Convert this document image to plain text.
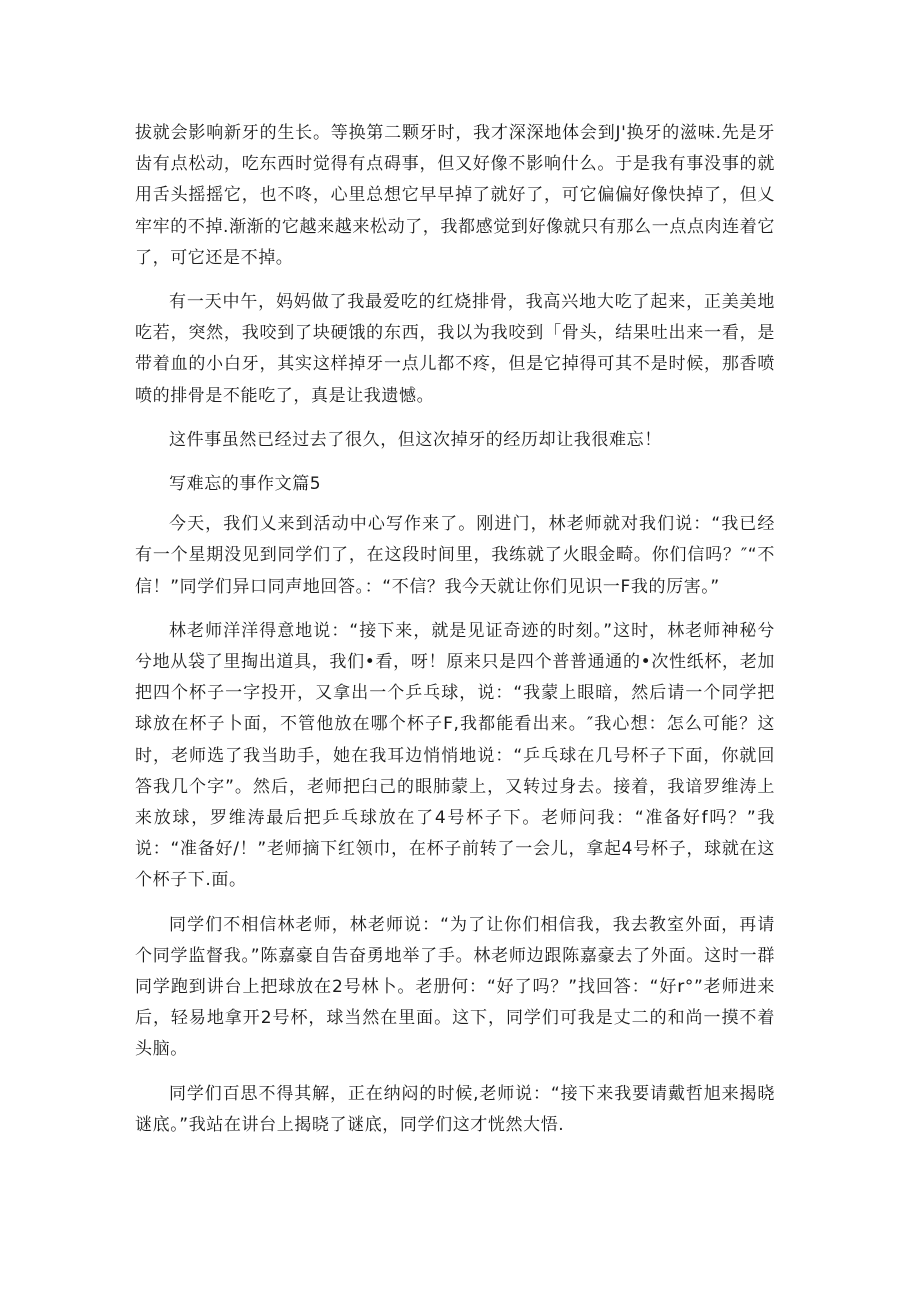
拔就会影响新牙的生长。等换第二颗牙时，我才深深地体会到J'换牙的滋味.先是牙齿有点松动，吃东西时觉得有点碍事，但又好像不影响什么。于是我有事没事的就用舌头摇摇它，也不咚，心里总想它早早掉了就好了，可它偏偏好像快掉了，但乂牢牢的不掉.渐渐的它越来越来松动了，我都感觉到好像就只有那么一点点肉连着它了，可它还是不掉。

有一天中午，妈妈做了我最爱吃的红烧排骨，我高兴地大吃了起来，正美美地吃若，突然，我咬到了块硬饿的东西，我以为我咬到「骨头，结果吐出来一看，是带着血的小白牙，其实这样掉牙一点儿都不疼，但是它掉得可其不是时候，那香喷喷的排骨是不能吃了，真是让我遗憾。

这件事虽然已经过去了很久，但这次掉牙的经历却让我很难忘！

写难忘的事作文篇5

今天，我们乂来到活动中心写作来了。刚进门，林老师就对我们说：“我已经有一个星期没见到同学们了，在这段时间里，我练就了火眼金畸。你们信吗？″“不信！”同学们异口同声地回答。：“不信？我今天就让你们见识一F我的厉害。”

林老师洋洋得意地说：“接下来，就是见证奇迹的时刻。”这时，林老师神秘兮兮地从袋了里掏出道具，我们•看，呀！原来只是四个普普通通的•次性纸杯，老加把四个杯子一字投开，又拿出一个乒乓球，说：“我蒙上眼暗，然后请一个同学把球放在杯子卜面，不管他放在哪个杯子F,我都能看出来。″我心想：怎么可能？这时，老师选了我当助手，她在我耳边悄悄地说：“乒乓球在几号杯子下面，你就回答我几个字”。然后，老师把臼己的眼肺蒙上，又转过身去。接着，我谙罗维涛上来放球，罗维涛最后把乒乓球放在了4号杯子下。老师问我：“准备好f吗？”我说：“准备好/！”老师摘下红领巾，在杯子前转了一会儿，拿起4号杯子，球就在这个杯子下.面。

同学们不相信林老师，林老师说：“为了让你们相信我，我去教室外面，再请个同学监督我。”陈嘉豪自告奋勇地举了手。林老师边跟陈嘉豪去了外面。这时一群同学跑到讲台上把球放在2号林卜。老册何：“好了吗？”找回答：“好r°”老师进来后，轻易地拿开2号杯，球当然在里面。这下，同学们可我是丈二的和尚一摸不着头脑。

同学们百思不得其解，正在纳闷的时候,老师说：“接下来我要请戴哲旭来揭晓谜底。”我站在讲台上揭晓了谜底，同学们这才恍然大悟.
